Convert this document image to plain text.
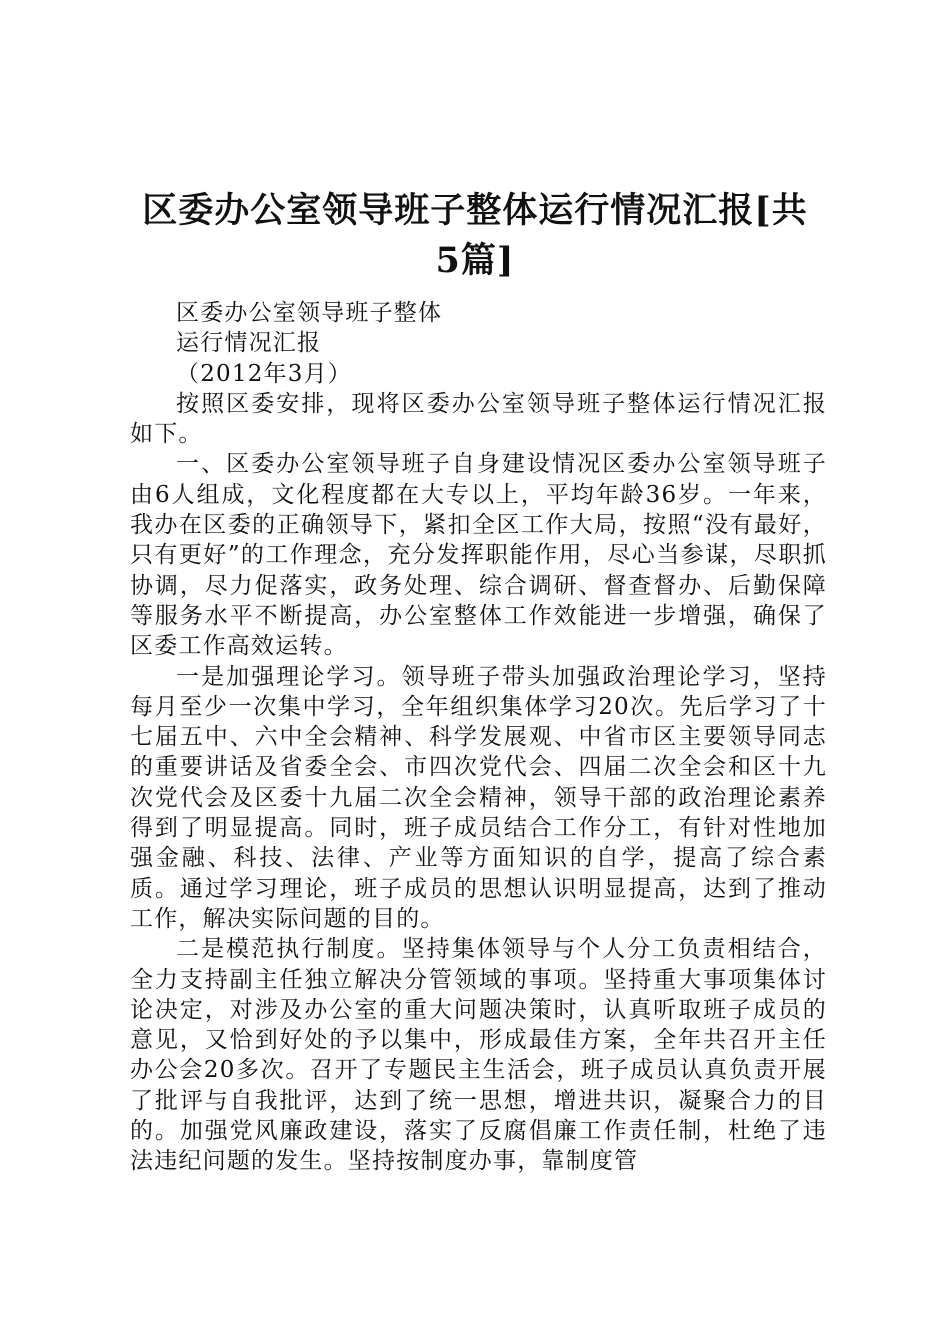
区委办公室领导班子整体运行情况汇报[共5篇]

区委办公室领导班子整体

运行情况汇报

（2012年3月）

按照区委安排，现将区委办公室领导班子整体运行情况汇报如下。

一、区委办公室领导班子自身建设情况区委办公室领导班子由6人组成，文化程度都在大专以上，平均年龄36岁。一年来，我办在区委的正确领导下，紧扣全区工作大局，按照“没有最好，只有更好”的工作理念，充分发挥职能作用，尽心当参谋，尽职抓协调，尽力促落实，政务处理、综合调研、督查督办、后勤保障等服务水平不断提高，办公室整体工作效能进一步增强，确保了区委工作高效运转。

一是加强理论学习。领导班子带头加强政治理论学习，坚持每月至少一次集中学习，全年组织集体学习20次。先后学习了十七届五中、六中全会精神、科学发展观、中省市区主要领导同志的重要讲话及省委全会、市四次党代会、四届二次全会和区十九次党代会及区委十九届二次全会精神，领导干部的政治理论素养得到了明显提高。同时，班子成员结合工作分工，有针对性地加强金融、科技、法律、产业等方面知识的自学，提高了综合素质。通过学习理论，班子成员的思想认识明显提高，达到了推动工作，解决实际问题的目的。

二是模范执行制度。坚持集体领导与个人分工负责相结合，全力支持副主任独立解决分管领域的事项。坚持重大事项集体讨论决定，对涉及办公室的重大问题决策时，认真听取班子成员的意见，又恰到好处的予以集中，形成最佳方案，全年共召开主任办公会20多次。召开了专题民主生活会，班子成员认真负责开展了批评与自我批评，达到了统一思想，增进共识，凝聚合力的目的。加强党风廉政建设，落实了反腐倡廉工作责任制，杜绝了违法违纪问题的发生。坚持按制度办事，靠制度管
